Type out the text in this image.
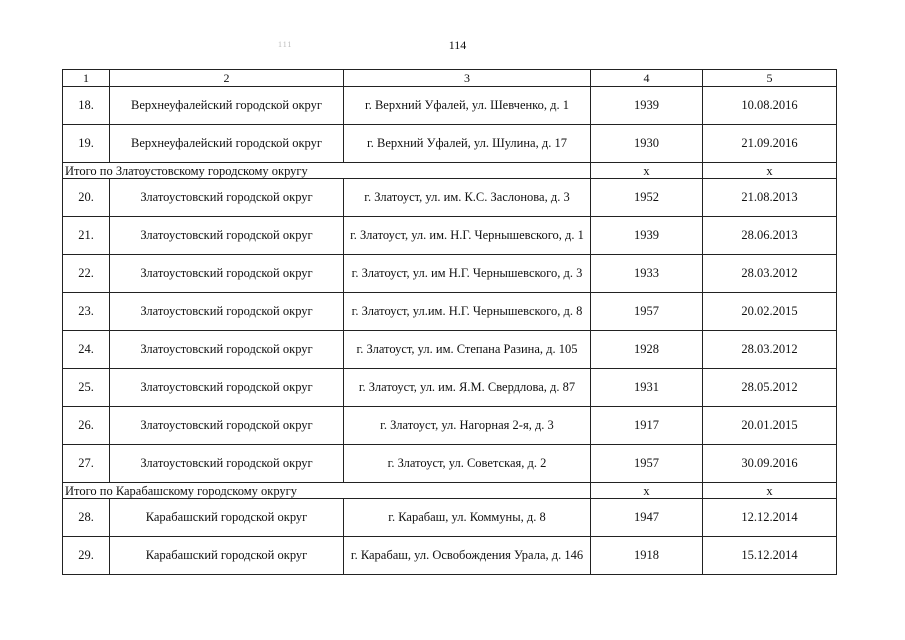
111	114
1	2	3	4	5
18.	Верхнеуфалейский городской округ	г. Верхний Уфалей, ул. Шевченко, д. 1	1939	10.08.2016
19.	Верхнеуфалейский городской округ	г. Верхний Уфалей, ул. Шулина, д. 17	1930	21.09.2016
Итого по Златоустовскому городскому округу			х	х
20.	Златоустовский городской округ	г. Златоуст, ул. им. К.С. Заслонова, д. 3	1952	21.08.2013
21.	Златоустовский городской округ	г. Златоуст, ул. им. Н.Г. Чернышевского, д. 1	1939	28.06.2013
22.	Златоустовский городской округ	г. Златоуст, ул. им Н.Г. Чернышевского, д. 3	1933	28.03.2012
23.	Златоустовский городской округ	г. Златоуст, ул.им. Н.Г. Чернышевского, д. 8	1957	20.02.2015
24.	Златоустовский городской округ	г. Златоуст, ул. им. Степана Разина, д. 105	1928	28.03.2012
25.	Златоустовский городской округ	г. Златоуст, ул. им. Я.М. Свердлова, д. 87	1931	28.05.2012
26.	Златоустовский городской округ	г. Златоуст, ул. Нагорная 2-я, д. 3	1917	20.01.2015
27.	Златоустовский городской округ	г. Златоуст, ул. Советская, д. 2	1957	30.09.2016
Итого по Карабашскому городскому округу			х	х
28.	Карабашский городской округ	г. Карабаш, ул. Коммуны, д. 8	1947	12.12.2014
29.	Карабашский городской округ	г. Карабаш, ул. Освобождения Урала, д. 146	1918	15.12.2014
